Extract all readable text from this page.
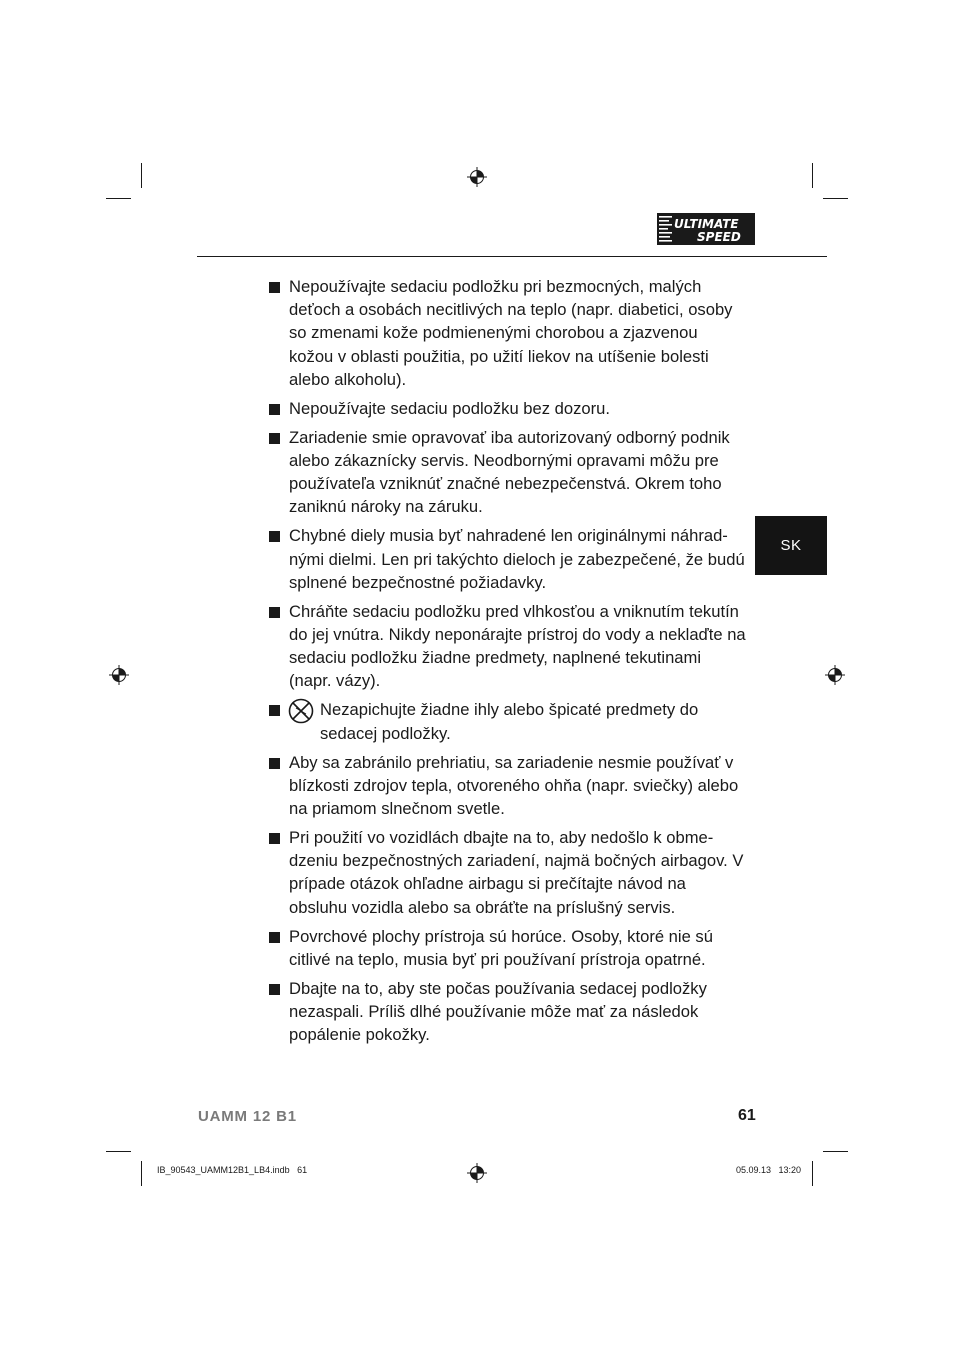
ULTIMATE
SPEED
SK
Nepoužívajte sedaciu podložku pri bezmocných, malých deťoch a osobách necitlivých na teplo (napr. diabetici, osoby so zmenami kože podmienenými chorobou a zjazvenou kožou v oblasti použitia, po užití liekov na utíšenie bolesti alebo alkoholu).
Nepoužívajte sedaciu podložku bez dozoru.
Zariadenie smie opravovať iba autorizovaný odborný podnik alebo zákaznícky servis. Neodbornými opravami môžu pre používateľa vzniknúť značné nebezpečenstvá. Okrem toho zaniknú nároky na záruku.
Chybné diely musia byť nahradené len originálnymi náhrad-nými dielmi. Len pri takýchto dieloch je zabezpečené, že budú splnené bezpečnostné požiadavky.
Chráňte sedaciu podložku pred vlhkosťou a vniknutím tekutín do jej vnútra. Nikdy neponárajte prístroj do vody a neklaďte na sedaciu podložku žiadne predmety, naplnené tekutinami (napr. vázy).
Nezapichujte žiadne ihly alebo špicaté predmety do sedacej podložky.
Aby sa zabránilo prehriatiu, sa zariadenie nesmie používať v blízkosti zdrojov tepla, otvoreného ohňa (napr. sviečky) alebo na priamom slnečnom svetle.
Pri použití vo vozidlách dbajte na to, aby nedošlo k obme-dzeniu bezpečnostných zariadení, najmä bočných airbagov. V prípade otázok ohľadne airbagu si prečítajte návod na obsluhu vozidla alebo sa obráťte na príslušný servis.
Povrchové plochy prístroja sú horúce. Osoby, ktoré nie sú citlivé na teplo, musia byť pri používaní prístroja opatrné.
Dbajte na to, aby ste počas používania sedacej podložky nezaspali. Príliš dlhé používanie môže mať za následok popálenie pokožky.
UAMM 12 B1	61
IB_90543_UAMM12B1_LB4.indb   61	05.09.13   13:20
